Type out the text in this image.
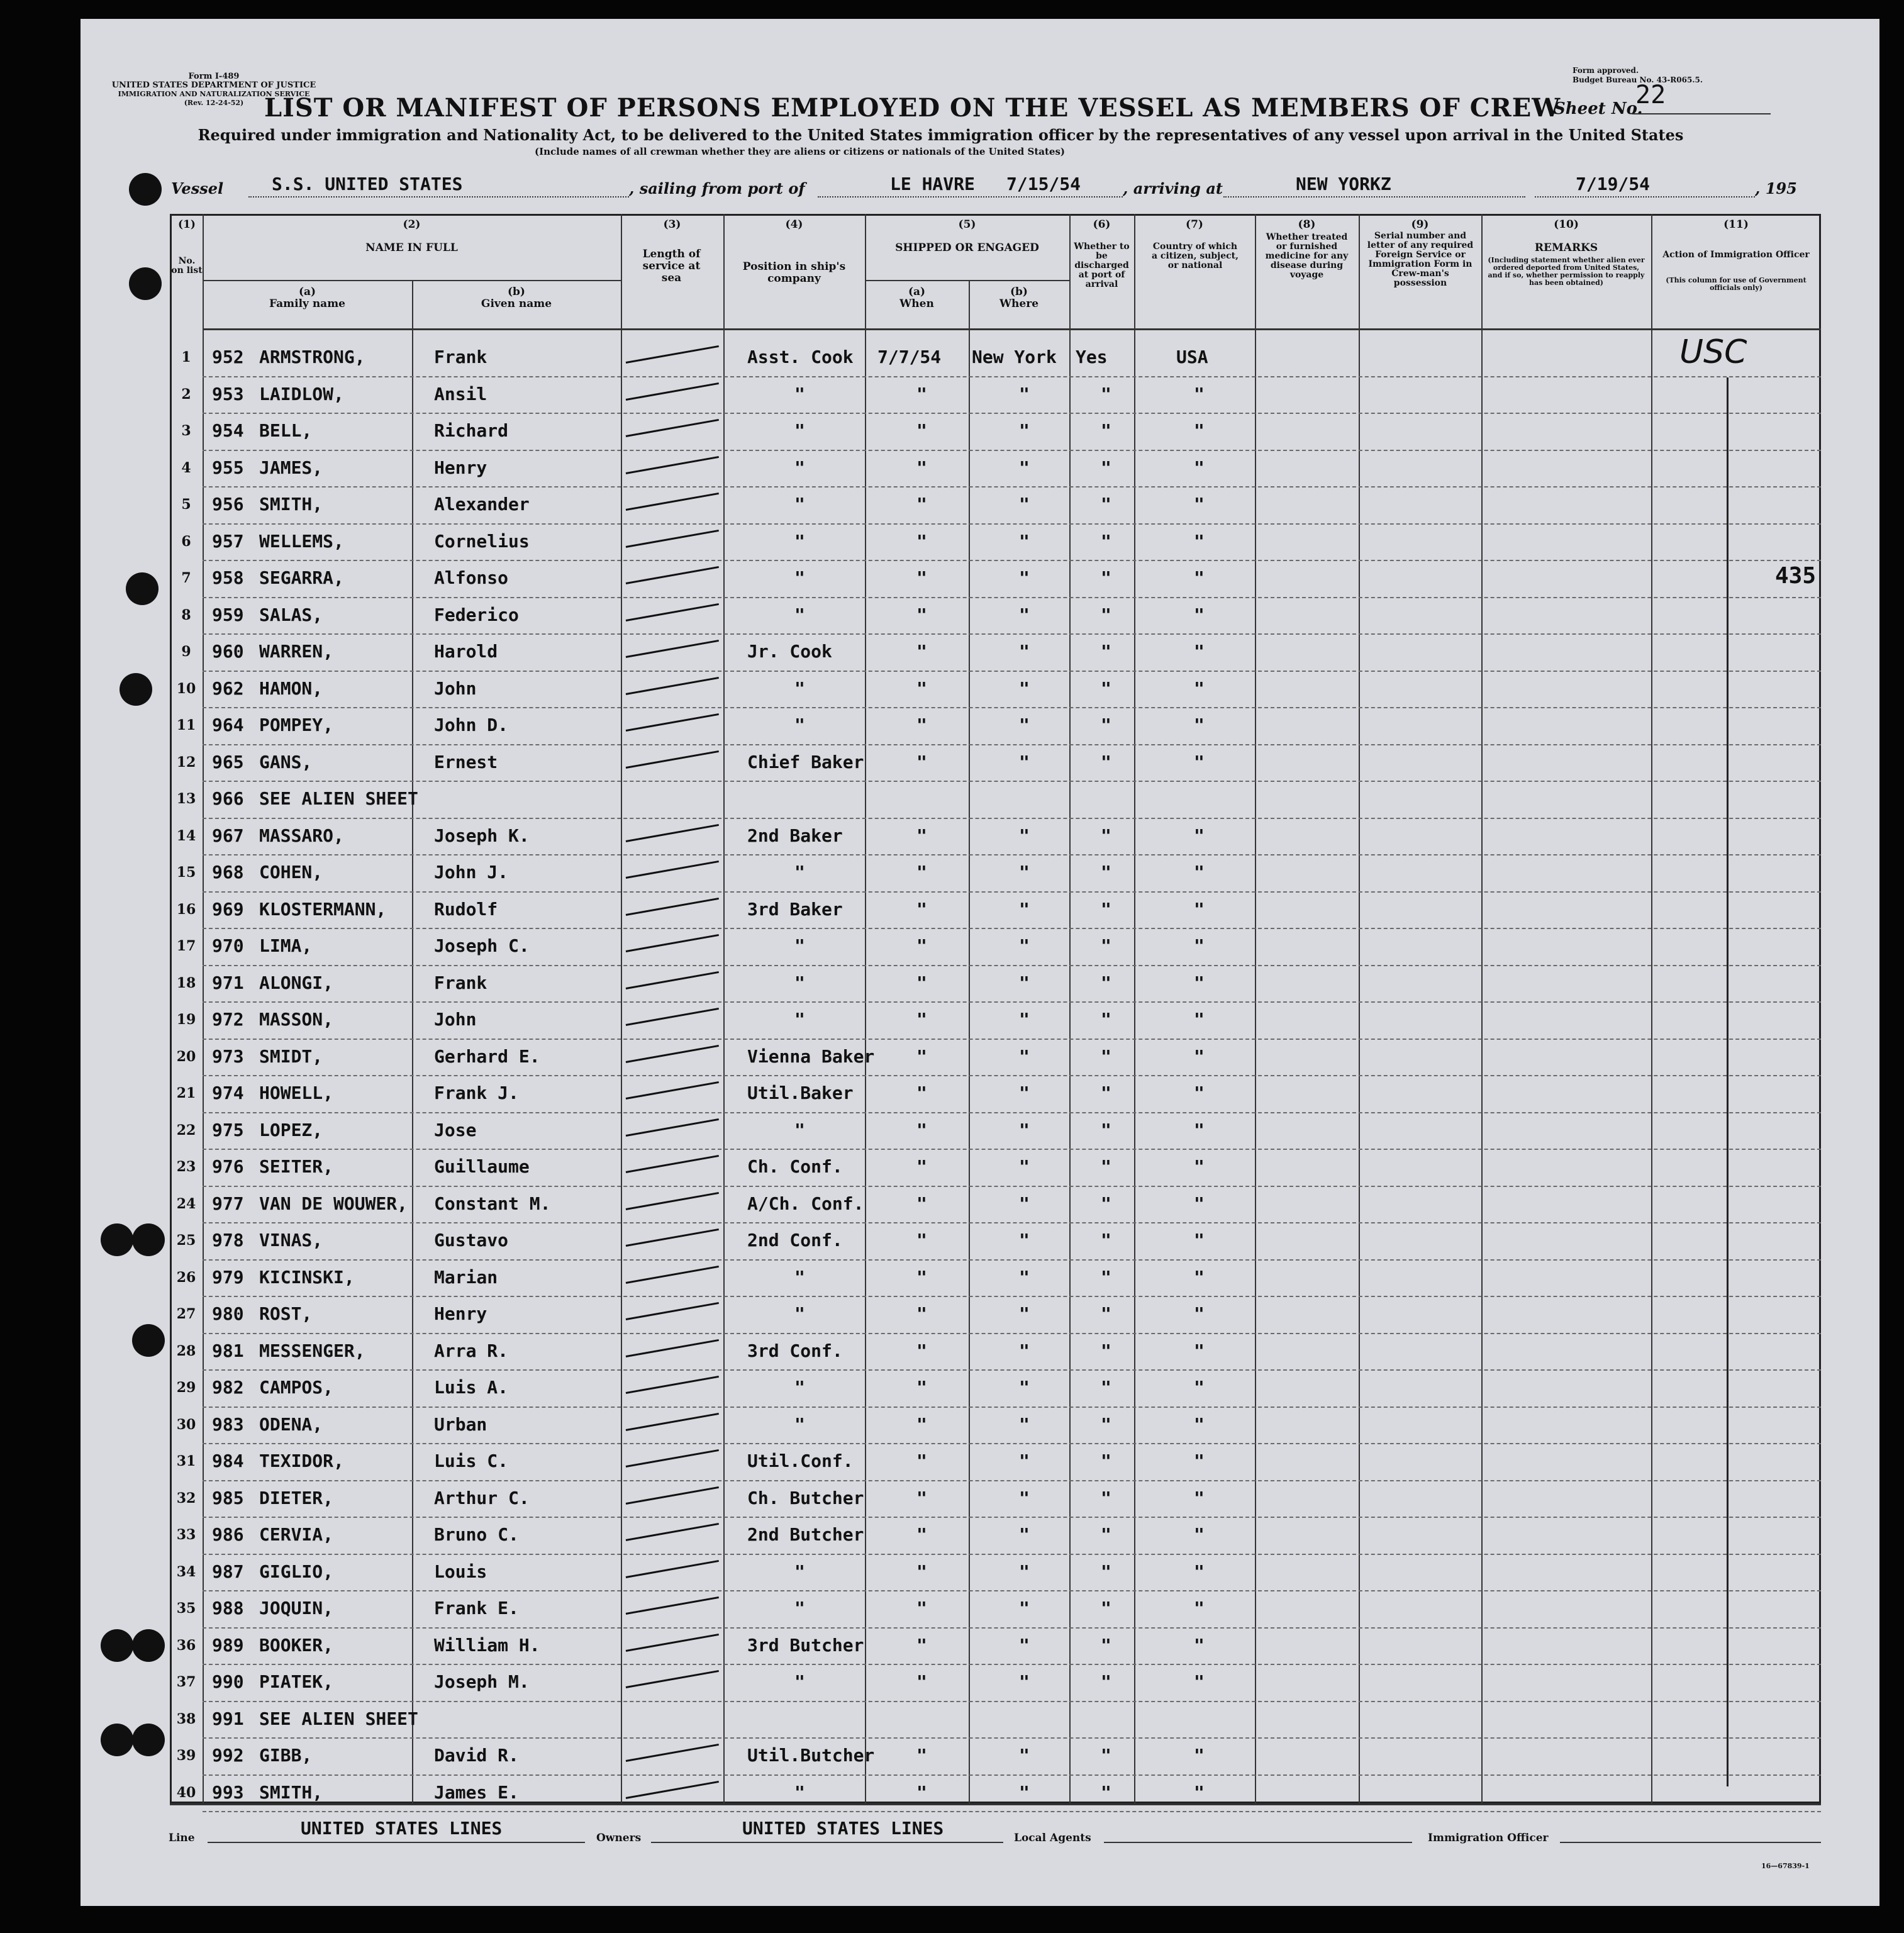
Form I-489
UNITED STATES DEPARTMENT OF JUSTICE
IMMIGRATION AND NATURALIZATION SERVICE
(Rev. 12-24-52)
Form approved.
Budget Bureau No. 43-R065.5.
LIST OR MANIFEST OF PERSONS EMPLOYED ON THE VESSEL AS MEMBERS OF CREW
Sheet No.
22
Required under immigration and Nationality Act, to be delivered to the United States immigration officer by the representatives of any vessel upon arrival in the United States
(Include names of all crewman whether they are aliens or citizens or nationals of the United States)
Vessel	S.S. UNITED STATES	, sailing from port of	LE HAVRE 7/15/54	, arriving at	NEW YORKZ	7/19/54	, 195
(1)
No. on list
(2)
NAME IN FULL
(a)
Family name
(b)
Given name
(3)
Length of service at sea
(4)
Position in ship's company
(5)
SHIPPED OR ENGAGED
(a)
When
(b)
Where
(6)
Whether to be discharged at port of arrival
(7)
Country of which a citizen, subject, or national
(8)
Whether treated or furnished medicine for any disease during voyage
(9)
Serial number and letter of any required Foreign Service or Immigration Form in Crew-man's possession
(10)
REMARKS
(Including statement whether alien ever ordered deported from United States, and if so, whether permission to reapply has been obtained)
(11)
Action of Immigration Officer
(This column for use of Government officials only)
1	952 ARMSTRONG,	Frank	Asst. Cook 7/7/54 New York Yes	USA
2	953 LAIDLOW,	Ansil	"	"	"	"	"
3	954 BELL,	Richard	"	"	"	"	"
4	955 JAMES,	Henry	"	"	"	"	"
5	956 SMITH,	Alexander	"	"	"	"	"
6	957 WELLEMS,	Cornelius	"	"	"	"	"
7	958 SEGARRA,	Alfonso	"	"	"	"	"
8	959 SALAS,	Federico	"	"	"	"	"
9	960 WARREN,	Harold	Jr. Cook	"	"	"	"
10 962 HAMON,	John	"	"	"	"	"
11 964 POMPEY,	John D.	"	"	"	"	"
12 965 GANS,	Ernest	Chief Baker	"	"	"	"
13 966 SEE ALIEN SHEET
14 967 MASSARO,	Joseph K.	2nd Baker	"	"	"	"
15 968 COHEN,	John J.	"	"	"	"	"
16 969 KLOSTERMANN,	Rudolf	3rd Baker	"	"	"	"
17 970 LIMA,	Joseph C.	"	"	"	"	"
18 971 ALONGI,	Frank	"	"	"	"	"
19 972 MASSON,	John	"	"	"	"	"
20 973 SMIDT,	Gerhard E.	Vienna Baker "	"	"	"
21 974 HOWELL,	Frank J.	Util.Baker	"	"	"	"
22 975 LOPEZ,	Jose	"	"	"	"	"
23 976 SEITER,	Guillaume	Ch. Conf.	"	"	"	"
24 977 VAN DE WOUWER, Constant M.	A/Ch. Conf.	"	"	"	"
25 978 VINAS,	Gustavo	2nd Conf.	"	"	"	"
26 979 KICINSKI,	Marian	"	"	"	"	"
27 980 ROST,	Henry	"	"	"	"	"
28 981 MESSENGER,	Arra R.	3rd Conf.	"	"	"	"
29 982 CAMPOS,	Luis A.	"	"	"	"	"
30 983 ODENA,	Urban	"	"	"	"	"
31 984 TEXIDOR,	Luis C.	Util.Conf.	"	"	"	"
32 985 DIETER,	Arthur C.	Ch. Butcher	"	"	"	"
33 986 CERVIA,	Bruno C.	2nd Butcher	"	"	"	"
34 987 GIGLIO,	Louis	"	"	"	"	"
35 988 JOQUIN,	Frank E.	"	"	"	"	"
36 989 BOOKER,	William H.	3rd Butcher	"	"	"	"
37 990 PIATEK,	Joseph M.	"	"	"	"	"
38 991 SEE ALIEN SHEET
39 992 GIBB,	David R.	Util.Butcher "	"	"	"
40 993 SMITH,	James E.	"	"	"	"	"
USC
435
Line	UNITED STATES LINES	Owners	UNITED STATES LINES	Local Agents	Immigration Officer
16—67839-1
